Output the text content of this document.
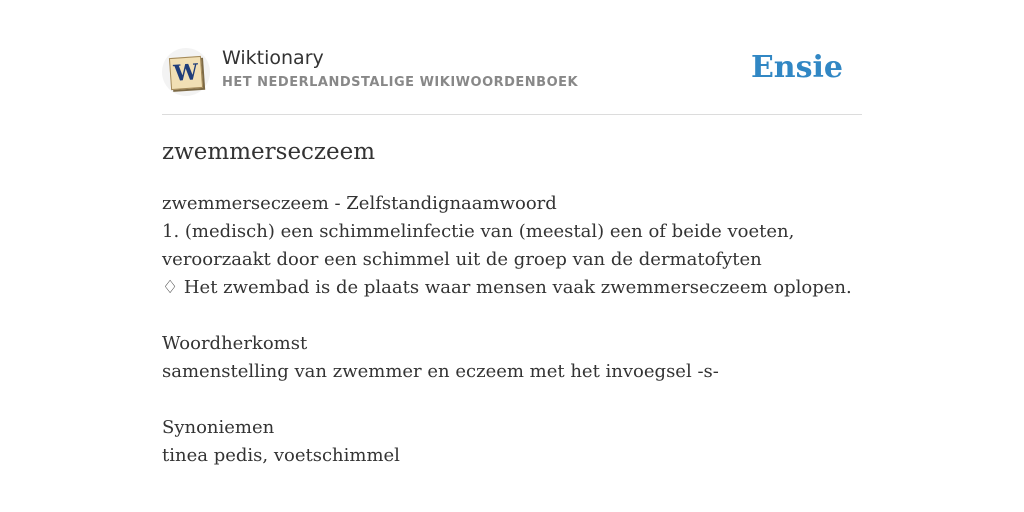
W
Wiktionary
HET NEDERLANDSTALIGE WIKIWOORDENBOEK	Ensie
zwemmerseczeem
zwemmerseczeem - Zelfstandignaamwoord
1. (medisch) een schimmelinfectie van (meestal) een of beide voeten,
veroorzaakt door een schimmel uit de groep van de dermatofyten
♢ Het zwembad is de plaats waar mensen vaak zwemmerseczeem oplopen.
Woordherkomst
samenstelling van zwemmer en eczeem met het invoegsel -s-
Synoniemen
tinea pedis, voetschimmel
